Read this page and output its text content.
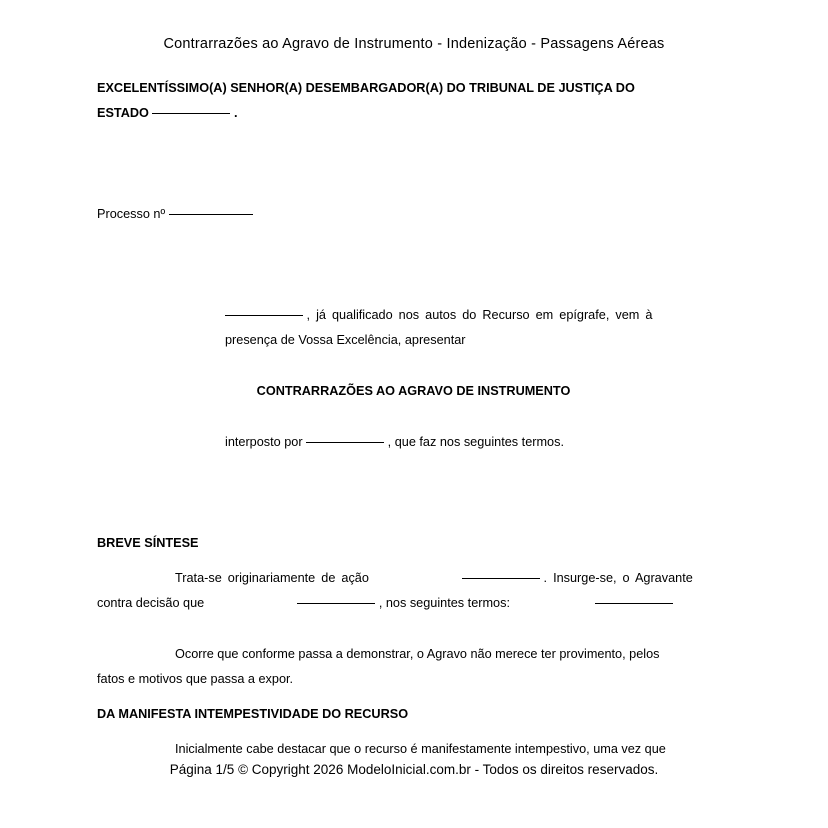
Contrarrazões ao Agravo de Instrumento - Indenização - Passagens Aéreas

EXCELENTÍSSIMO(A) SENHOR(A) DESEMBARGADOR(A) DO TRIBUNAL DE JUSTIÇA DO

ESTADO	.

Processo nº

, já qualificado nos autos do Recurso em epígrafe, vem à

presença de Vossa Excelência, apresentar

CONTRARRAZÕES AO AGRAVO DE INSTRUMENTO

interposto por	, que faz nos seguintes termos.

BREVE SÍNTESE

Trata-se originariamente de ação	. Insurge-se, o Agravante

contra decisão que	, nos seguintes termos:

Ocorre que conforme passa a demonstrar, o Agravo não merece ter provimento, pelos

fatos e motivos que passa a expor.

DA MANIFESTA INTEMPESTIVIDADE DO RECURSO

Inicialmente cabe destacar que o recurso é manifestamente intempestivo, uma vez que

Página 1/5 © Copyright 2026 ModeloInicial.com.br - Todos os direitos reservados.
